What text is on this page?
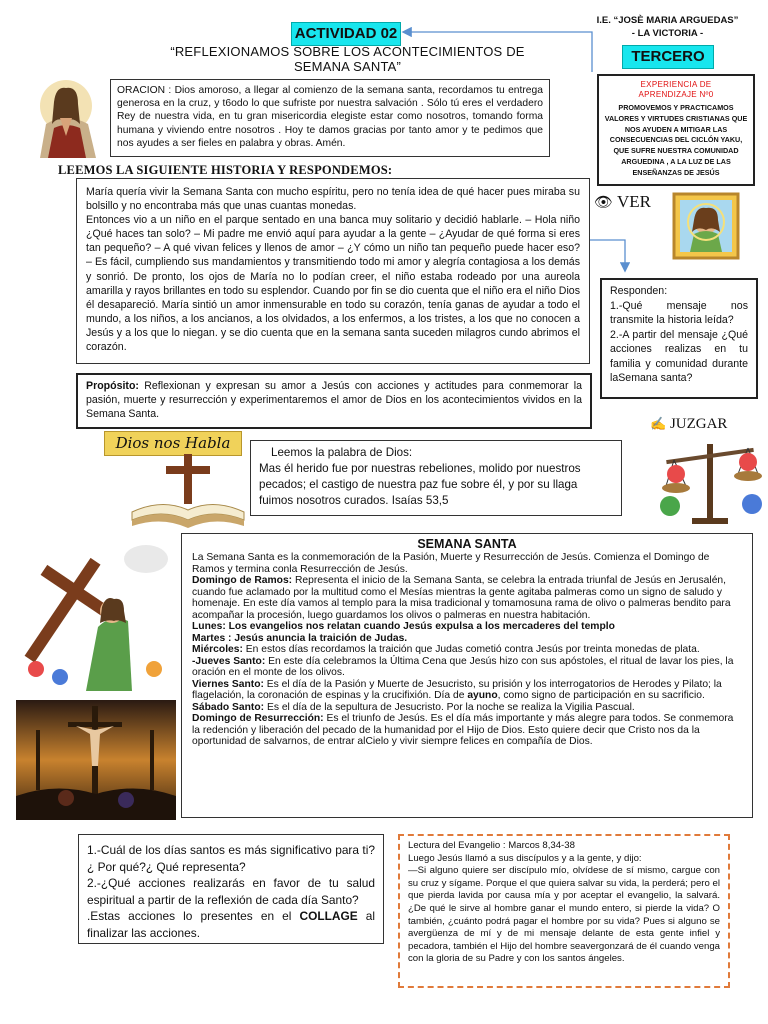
ACTIVIDAD 02
“REFLEXIONAMOS SOBRE LOS ACONTECIMIENTOS DE
SEMANA SANTA”
I.E. “JOSÈ MARIA ARGUEDAS”
- LA VICTORIA -
TERCERO
EXPERIENCIA DE
APRENDIZAJE Nº0
PROMOVEMOS Y PRACTICAMOS VALORES Y VIRTUDES CRISTIANAS QUE NOS AYUDEN A MITIGAR LAS CONSECUENCIAS DEL CICLÓN YAKU, QUE SUFRE NUESTRA COMUNIDAD ARGUEDINA , A LA LUZ DE LAS ENSEÑANZAS DE JESÚS
ORACION : Dios amoroso, a llegar al comienzo de la semana santa, recordamos tu entrega generosa en la cruz, y t6odo lo que sufriste por nuestra salvación . Sólo tú eres el verdadero Rey de nuestra vida, en tu gran misericordia elegiste estar como nosotros, tomando forma humana y viviendo entre nosotros . Hoy te damos gracias por tanto amor y te pedimos que nos ayudes a ser fieles en palabra y obras. Amén.
LEEMOS LA SIGUIENTE HISTORIA Y RESPONDEMOS:
María quería vivir la Semana Santa con mucho espíritu, pero no tenía idea de qué hacer pues miraba su bolsillo y no encontraba más que unas cuantas monedas.
Entonces vio a un niño en el parque sentado en una banca muy solitario y decidió hablarle. – Hola niño ¿Qué haces tan solo? – Mi padre me envió aquí para ayudar a la gente – ¿Ayudar de qué forma si eres tan pequeño? – A qué vivan felices y llenos de amor – ¿Y cómo un niño tan pequeño puede hacer eso? – Es fácil, cumpliendo sus mandamientos y transmitiendo todo mi amor y alegría contagiosa a los demás y sonrió. De pronto, los ojos de María no lo podían creer, el niño estaba rodeado por una aureola amarilla y rayos brillantes en todo su esplendor. Cuando por fin se dio cuenta que el niño era el niño Dios él desapareció. María sintió un amor inmensurable en todo su corazón, tenía ganas de ayudar a todo el mundo, a los niños, a los ancianos, a los olvidados, a los enfermos, a los tristes, a los que no conocen a Jesús y a los que lo niegan. y se dio cuenta que en la semana santa suceden milagros cundo abrimos el corazón.
👁 VER
Responden:
1.-Qué mensaje nos transmite la historia leída?
2.-A partir del mensaje ¿Qué acciones realizas en tu familia y comunidad durante laSemana santa?
Propósito: Reflexionan y expresan su amor a Jesús con acciones y actitudes para conmemorar la pasión, muerte y resurrección y experimentaremos el amor de Dios en los acontecimientos vividos en la Semana Santa.
✍ JUZGAR
Dios nos Habla
Leemos la palabra de Dios:
Mas él herido fue por nuestras rebeliones, molido por nuestros pecados; el castigo de nuestra paz fue sobre él, y por su llaga fuimos nosotros curados. Isaías 53,5
SEMANA SANTA

La Semana Santa es la conmemoración de la Pasión, Muerte y Resurrección de Jesús. Comienza el Domingo de Ramos y termina conla Resurrección de Jesús.

Domingo de Ramos: Representa el inicio de la Semana Santa, se celebra la entrada triunfal de Jesús en Jerusalén, cuando fue aclamado por la multitud como el Mesías mientras la gente agitaba palmeras como un signo de saludo y homenaje. En este día vamos al templo para la misa tradicional y tomamosuna rama de olivo o palmeras bendito para acompañar la procesión, luego guardamos los olivos o palmeras en nuestra habitación.

Lunes: Los evangelios nos relatan cuando Jesús expulsa a los mercaderes del templo

Martes : Jesús anuncia la traición de Judas.

Miércoles: En estos días recordamos la traición que Judas cometió contra Jesús por treinta monedas de plata.

-Jueves Santo: En este día celebramos la Última Cena que Jesús hizo con sus apóstoles, el ritual de lavar los pies, la oración en el monte de los olivos.

Viernes Santo: Es el día de la Pasión y Muerte de Jesucristo, su prisión y los interrogatorios de Herodes y Pilato; la flagelación, la coronación de espinas y la crucifixión. Día de ayuno, como signo de participación en su sacrificio.

Sábado Santo: Es el día de la sepultura de Jesucristo. Por la noche se realiza la Vigilia Pascual.

Domingo de Resurrección: Es el triunfo de Jesús. Es el día más importante y más alegre para todos. Se conmemora la redención y liberación del pecado de la humanidad por el Hijo de Dios. Esto quiere decir que Cristo nos da la oportunidad de salvarnos, de entrar alCielo y vivir siempre felices en compañía de Dios.

1.-Cuál de los días santos es más significativo para ti?¿ Por qué?¿ Qué representa?
2.-¿Qué acciones realizarás en favor de tu salud espiritual a partir de la reflexión de cada día Santo?
.Estas acciones lo presentes en el COLLAGE al finalizar las acciones.
Lectura del Evangelio : Marcos 8,34-38
Luego Jesús llamó a sus discípulos y a la gente, y dijo:
—Si alguno quiere ser discípulo mío, olvídese de sí mismo, cargue con su cruz y sígame. Porque el que quiera salvar su vida, la perderá; pero el que pierda lavida por causa mía y por aceptar el evangelio, la salvará. ¿De qué le sirve al hombre ganar el mundo entero, si pierde la vida? O también, ¿cuánto podrá pagar el hombre por su vida? Pues si alguno se avergüenza de mí y de mi mensaje delante de esta gente infiel y pecadora, también el Hijo del hombre seavergonzará de él cuando venga con la gloria de su Padre y con los santos ángeles.
